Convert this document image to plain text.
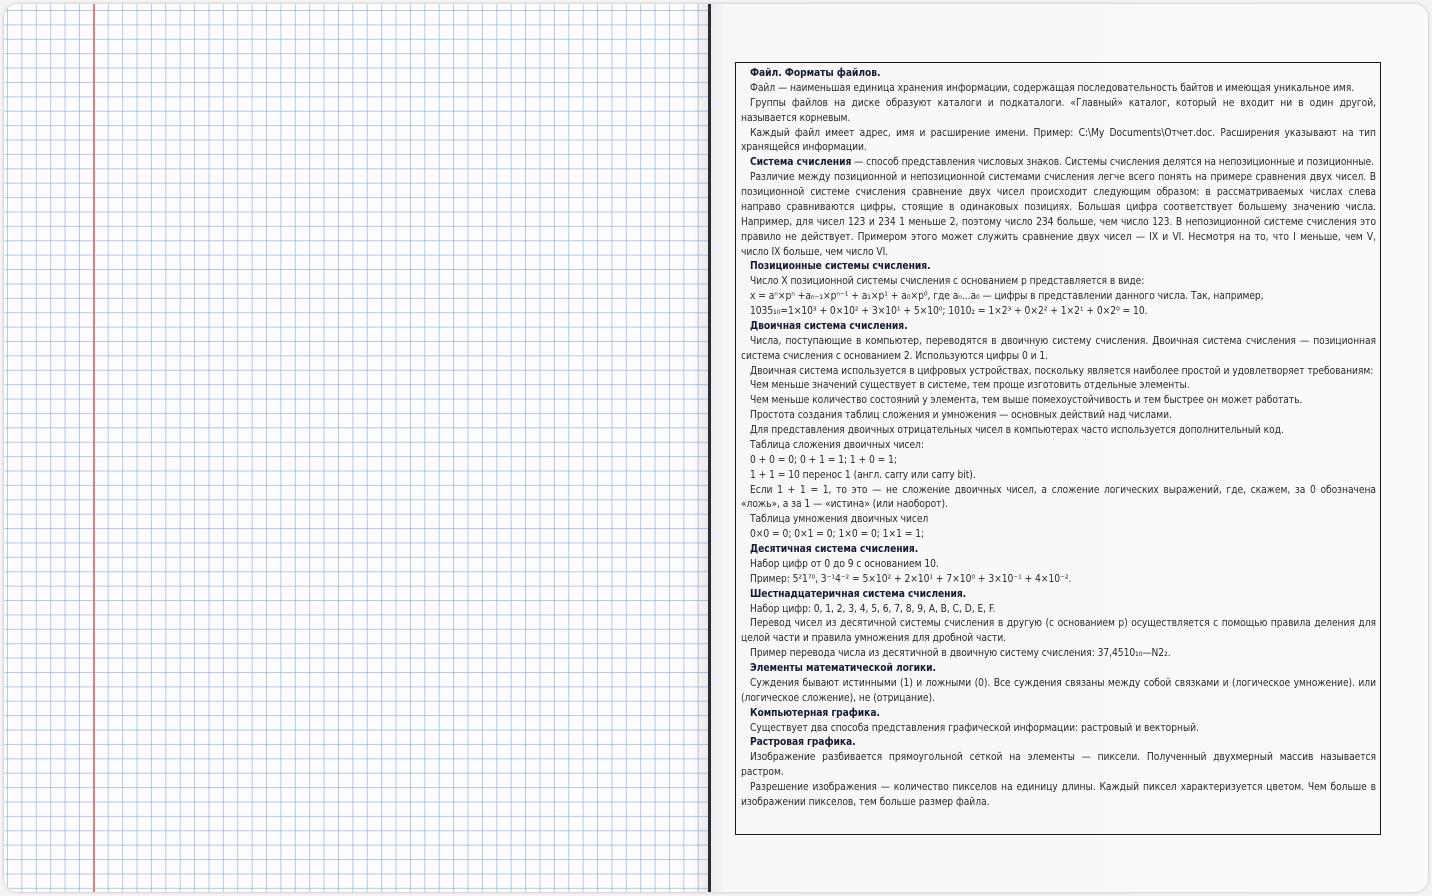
Файл. Форматы файлов.

Файл — наименьшая единица хранения информации, содержащая последовательность байтов и имеющая уникальное имя.

Группы файлов на диске образуют каталоги и подкаталоги. «Главный» каталог, который не входит ни в один другой, называется корневым.

Каждый файл имеет адрес, имя и расширение имени. Пример: C:\My Documents\Отчет.doc. Расширения указывают на тип хранящейся информации.

Система счисления — способ представления числовых знаков. Системы счисления делятся на непозиционные и позиционные.

Различие между позиционной и непозиционной системами счисления легче всего понять на примере сравнения двух чисел. В позиционной системе счисления сравнение двух чисел происходит следующим образом: в рассматриваемых числах слева направо сравниваются цифры, стоящие в одинаковых позициях. Большая цифра соответствует большему значению числа. Например, для чисел 123 и 234 1 меньше 2, поэтому число 234 больше, чем число 123. В непозиционной системе счисления это правило не действует. Примером этого может служить сравнение двух чисел — IX и VI. Несмотря на то, что I меньше, чем V, число IX больше, чем число VI.

Позиционные системы счисления.

Число X позиционной системы счисления с основанием p представляется в виде:

x = aⁿ×pⁿ +aₙ₋₁×pⁿ⁻¹ + a₁×p¹ + a₀×p⁰, где aₙ...a₀ — цифры в представлении данного числа. Так, например,

1035₁₀=1×10³ + 0×10² + 3×10¹ + 5×10⁰; 1010₂ = 1×2³ + 0×2² + 1×2¹ + 0×2⁰ = 10.

Двоичная система счисления.

Числа, поступающие в компьютер, переводятся в двоичную систему счисления. Двоичная система счисления — позиционная система счисления с основанием 2. Используются цифры 0 и 1.

Двоичная система используется в цифровых устройствах, поскольку является наиболее простой и удовлетворяет требованиям:

Чем меньше значений существует в системе, тем проще изготовить отдельные элементы.

Чем меньше количество состояний у элемента, тем выше помехоустойчивость и тем быстрее он может работать.

Простота создания таблиц сложения и умножения — основных действий над числами.

Для представления двоичных отрицательных чисел в компьютерах часто используется дополнительный код.

Таблица сложения двоичных чисел:

0 + 0 = 0; 0 + 1 = 1; 1 + 0 = 1;

1 + 1 = 10 перенос 1 (англ. carry или carry bit).

Если 1 + 1 = 1, то это — не сложение двоичных чисел, а сложение логических выражений, где, скажем, за 0 обозначена «ложь», а за 1 — «истина» (или наоборот).

Таблица умножения двоичных чисел

0×0 = 0; 0×1 = 0; 1×0 = 0; 1×1 = 1;

Десятичная система счисления.

Набор цифр от 0 до 9 с основанием 10.

Пример: 5²1⁷⁰, 3⁻¹4⁻² = 5×10² + 2×10¹ + 7×10⁰ + 3×10⁻¹ + 4×10⁻².

Шестнадцатеричная система счисления.

Набор цифр: 0, 1, 2, 3, 4, 5, 6, 7, 8, 9, A, B, C, D, E, F.

Перевод чисел из десятичной системы счисления в другую (с основанием p) осуществляется с помощью правила деления для целой части и правила умножения для дробной части.

Пример перевода числа из десятичной в двоичную систему счисления: 37,4510₁₀—N2₂.

Элементы математической логики.

Суждения бывают истинными (1) и ложными (0). Все суждения связаны между собой связками и (логическое умножение). или (логическое сложение), не (отрицание).

Компьютерная графика.

Существует два способа представления графической информации: растровый и векторный.

Растровая графика.

Изображение разбивается прямоугольной сеткой на элементы — пиксели. Полученный двухмерный массив называется растром.

Разрешение изображения — количество пикселов на единицу длины. Каждый пиксел характеризуется цветом. Чем больше в изображении пикселов, тем больше размер файла.
